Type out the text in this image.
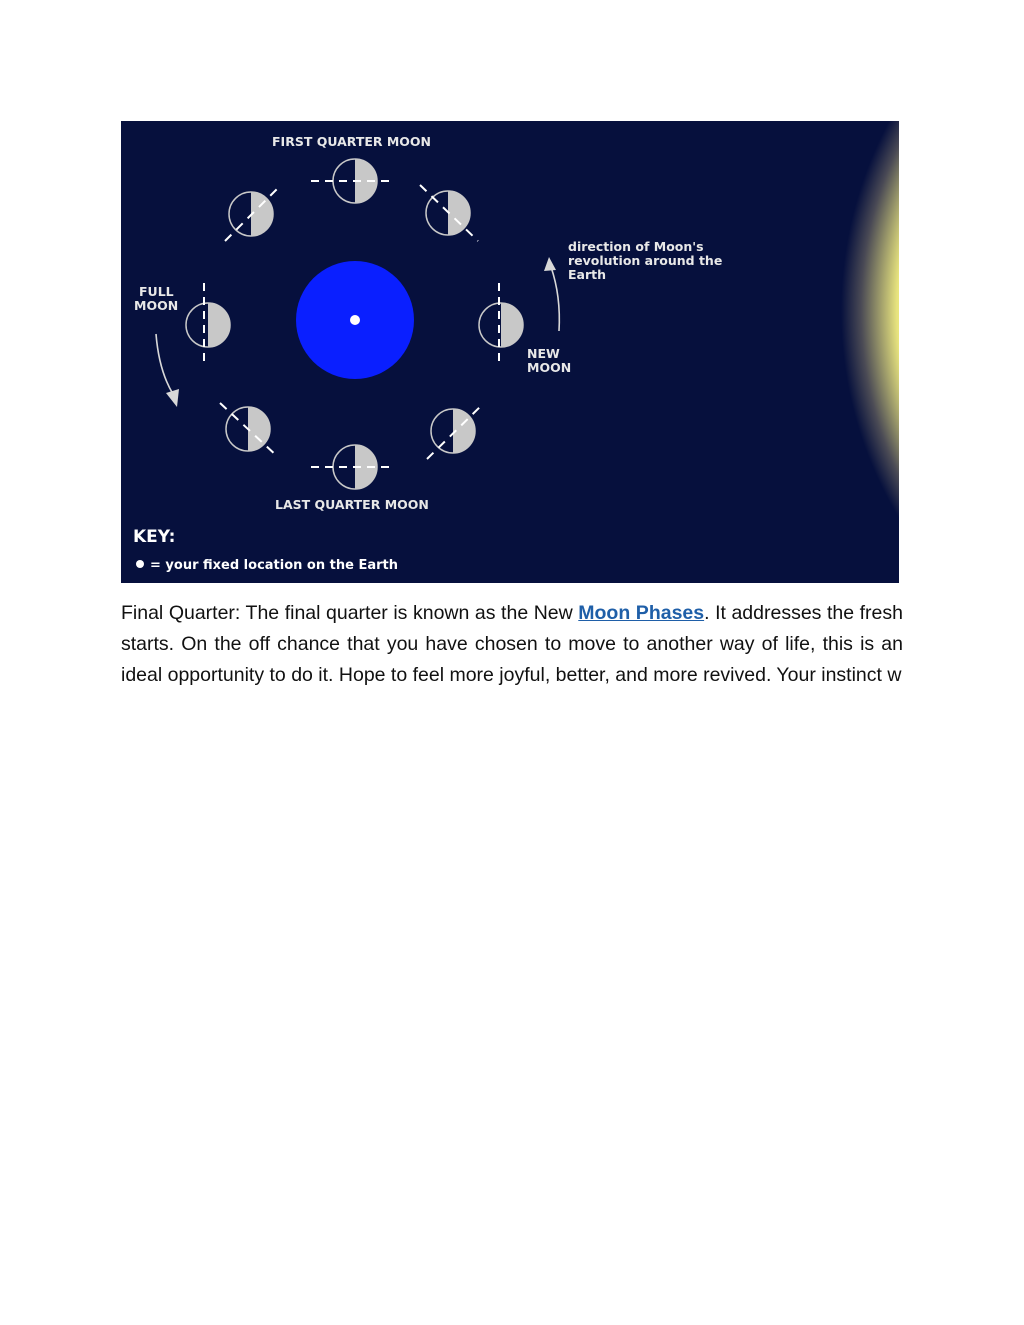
FIRST QUARTER MOON
LAST QUARTER MOON
FULL
MOON
NEW
MOON
direction of Moon's
revolution around the
Earth
KEY:
= your fixed location on the Earth

Final Quarter: The final quarter is known as the New Moon Phases. It addresses the fresh starts. On the off chance that you have chosen to move to another way of life, this is an ideal opportunity to do it. Hope to feel more joyful, better, and more revived. Your instinct w
